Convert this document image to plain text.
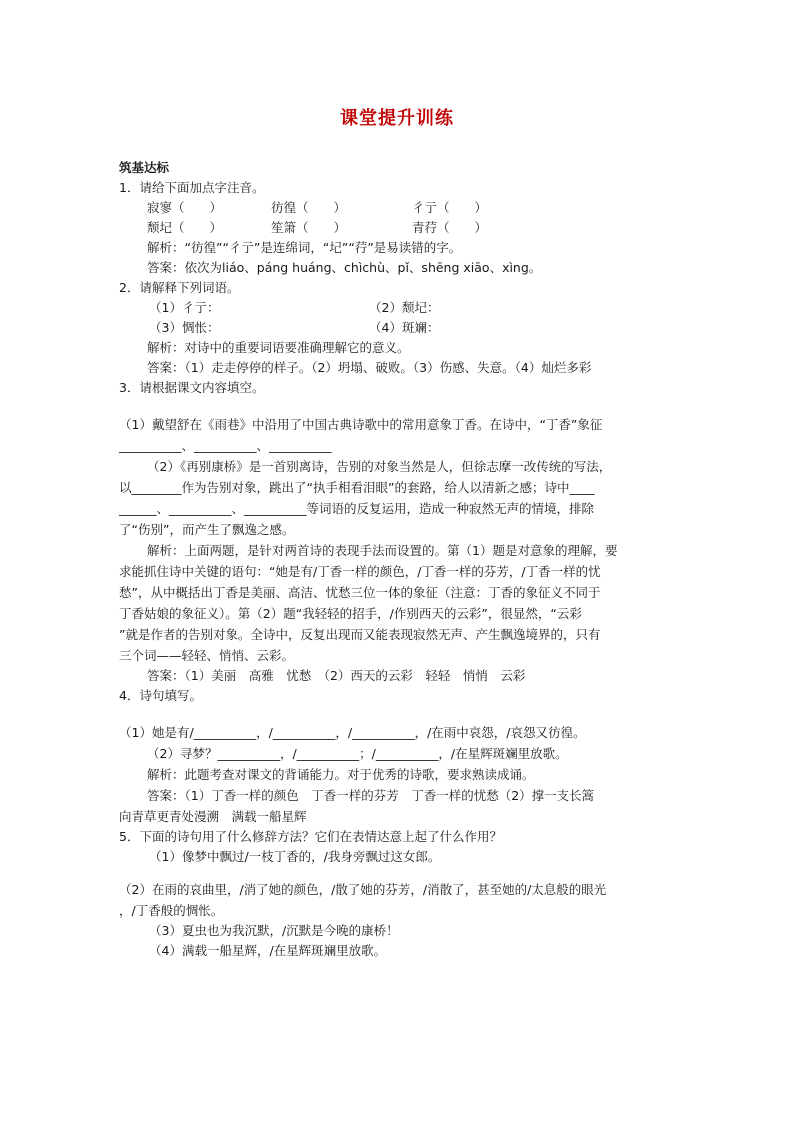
课堂提升训练
筑基达标
1．请给下面加点字注音。
寂寥（　　）	彷徨（　　）	彳亍（　　）
颓圮（　　）	笙箫（　　）	青荇（　　）
解析：“彷徨”“彳亍”是连绵词，“圮”“荇”是易读错的字。
答案：依次为liáo、páng huáng、chìchù、pǐ、shēng xiāo、xìng。
2．请解释下列词语。
（1）彳亍：	（2）颓圮：
（3）惆怅：	（4）斑斓：
解析：对诗中的重要词语要准确理解它的意义。
答案：（1）走走停停的样子。（2）坍塌、破败。（3）伤感、失意。（4）灿烂多彩
3．请根据课文内容填空。
（1）戴望舒在《雨巷》中沿用了中国古典诗歌中的常用意象丁香。在诗中，“丁香”象征
__________、__________、__________
（2）《再别康桥》是一首别离诗，告别的对象当然是人，但徐志摩一改传统的写法，
以________作为告别对象，跳出了“执手相看泪眼”的套路，给人以清新之感；诗中____
______、__________、__________等词语的反复运用，造成一种寂然无声的情境，排除
了“伤别”，而产生了飘逸之感。
解析：上面两题，是针对两首诗的表现手法而设置的。第（1）题是对意象的理解，要
求能抓住诗中关键的语句：“她是有/丁香一样的颜色，/丁香一样的芬芳，/丁香一样的忧
愁”，从中概括出丁香是美丽、高洁、忧愁三位一体的象征（注意：丁香的象征义不同于
丁香姑娘的象征义）。第（2）题“我轻轻的招手，/作别西天的云彩”，很显然，“云彩
”就是作者的告别对象。全诗中，反复出现而又能表现寂然无声、产生飘逸境界的，只有
三个词——轻轻、悄悄、云彩。
答案：（1）美丽　高雅　忧愁　（2）西天的云彩　轻轻　悄悄　云彩
4．诗句填写。
（1）她是有/__________，/__________，/__________，/在雨中哀怨，/哀怨又彷徨。
（2）寻梦？__________，/__________；/__________，/在星辉斑斓里放歌。
解析：此题考查对课文的背诵能力。对于优秀的诗歌，要求熟读成诵。
答案：（1）丁香一样的颜色　丁香一样的芬芳　丁香一样的忧愁（2）撑一支长篙
向青草更青处漫溯　满载一船星辉
5．下面的诗句用了什么修辞方法？它们在表情达意上起了什么作用？
（1）像梦中飘过/一枝丁香的，/我身旁飘过这女郎。
（2）在雨的哀曲里，/消了她的颜色，/散了她的芬芳，/消散了，甚至她的/太息般的眼光
，/丁香般的惆怅。
（3）夏虫也为我沉默，/沉默是今晚的康桥！
（4）满载一船星辉，/在星辉斑斓里放歌。
